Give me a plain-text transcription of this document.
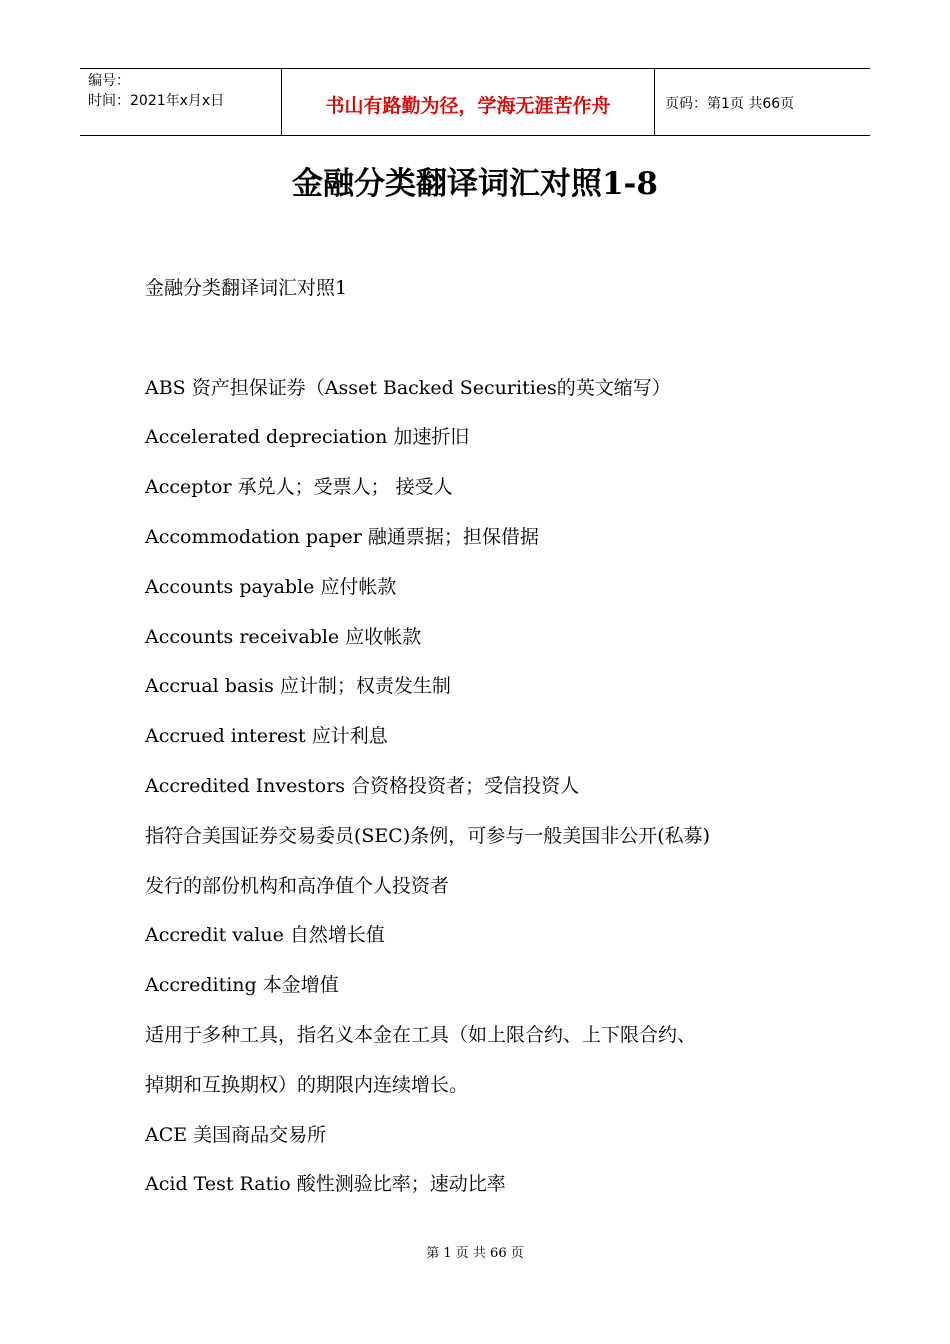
编号：
时间：2021年x月x日	书山有路勤为径，学海无涯苦作舟	页码：第1页 共66页
金融分类翻译词汇对照1-8

金融分类翻译词汇对照1

ABS 资产担保证券（Asset Backed Securities的英文缩写）

Accelerated depreciation 加速折旧

Acceptor 承兑人；受票人； 接受人

Accommodation paper 融通票据；担保借据

Accounts payable 应付帐款

Accounts receivable 应收帐款

Accrual basis 应计制；权责发生制

Accrued interest 应计利息

Accredited Investors 合资格投资者；受信投资人

指符合美国证券交易委员(SEC)条例，可参与一般美国非公开(私募)

发行的部份机构和高净值个人投资者

Accredit value 自然增长值

Accrediting 本金增值

适用于多种工具，指名义本金在工具（如上限合约、上下限合约、

掉期和互换期权）的期限内连续增长。

ACE 美国商品交易所

Acid Test Ratio 酸性测验比率；速动比率

第 1 页 共 66 页
